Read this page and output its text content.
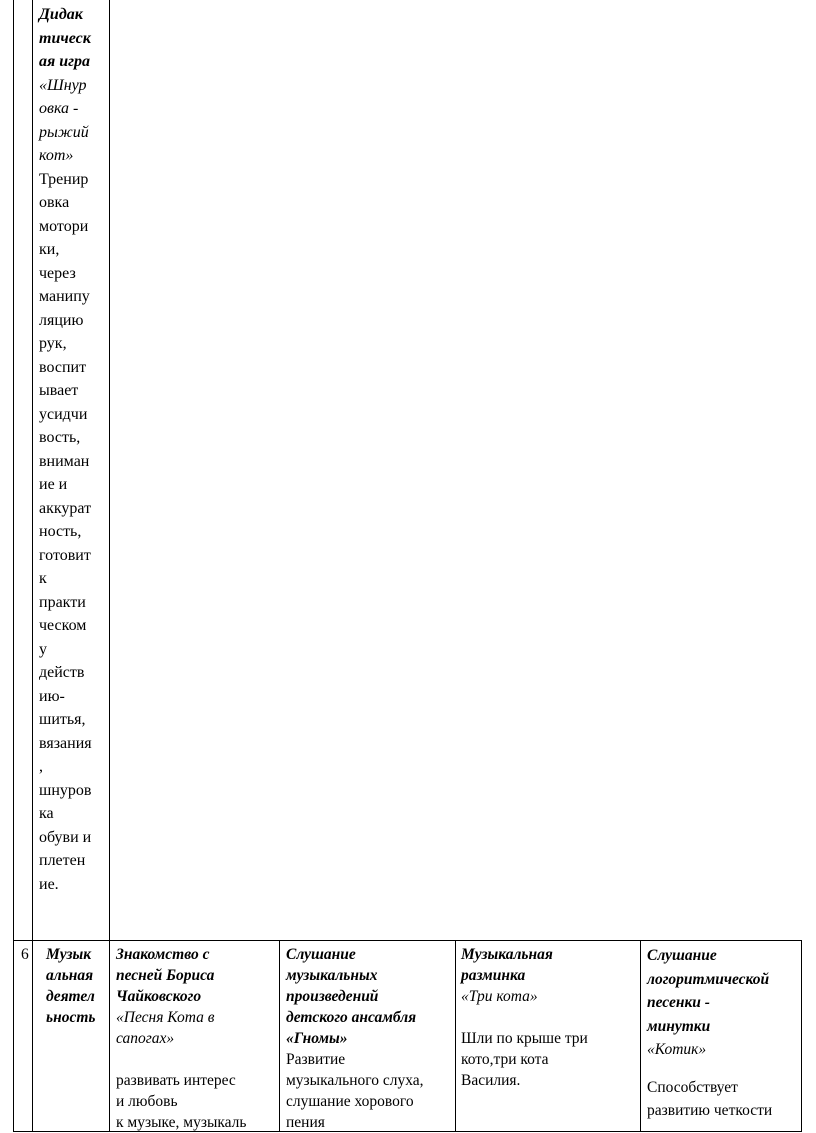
Дидак
тическ
ая игра
«Шнур
овка -
рыжий
кот»
Тренир
овка
мотори
ки,
через
манипу
ляцию
рук,
воспит
ывает
усидчи
вость,
вниман
ие и
аккурат
ность,
готовит
к
практи
ческом
у
действ
ию-
шитья,
вязания
,
шнуров
ка
обуви и
плетен
ие.
6 Музык

альная

деятел

ьность

Знакомство с

песней Бориса

Чайковского

«Песня Кота в

сапогах»

развивать интерес

и любовь

к музыке, музыкаль

Слушание

музыкальных

произведений

детского ансамбля

«Гномы»

Развитие

музыкального слуха,

слушание хорового

пения

Музыкальная

разминка

«Три кота»

Шли по крыше три

кото,три кота

Василия.

Слушание

логоритмической

песенки -

минутки

«Котик»

Способствует

развитию четкости
